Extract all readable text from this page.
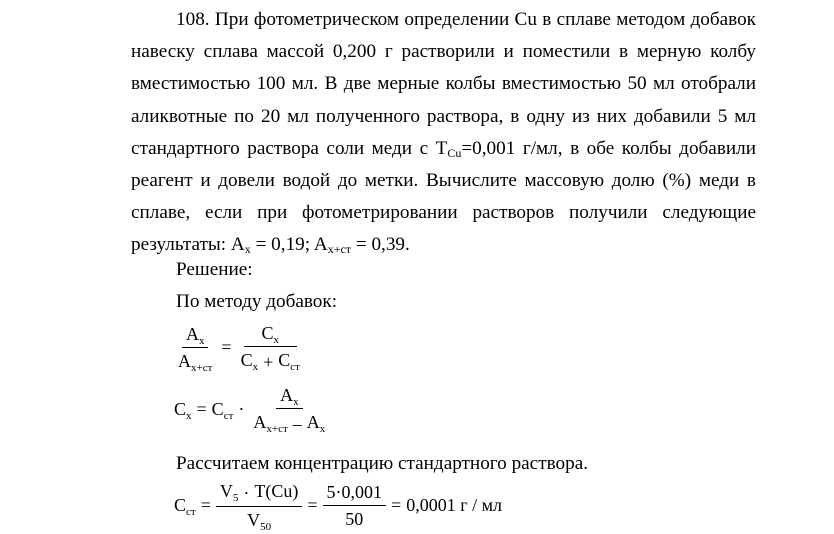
108. При фотометрическом определении Cu в сплаве методом добавок
навеску сплава массой 0,200 г растворили и поместили в мерную колбу
вместимостью 100 мл. В две мерные колбы вместимостью 50 мл отобрали
аликвотные по 20 мл полученного раствора, в одну из них добавили 5 мл
стандартного раствора соли меди с $T_{Cu}=0,001$ г/мл, в обе колбы добавили
реагент и довели водой до метки. Вычислите массовую долю (%) меди в
сплаве, если при фотометрировании растворов получили следующие
результаты: $A_x = 0,19$; $A_{x+ст} = 0,39$.
Решение:
По методу добавок:
$\frac{A_x}{A_{x+ст}} = \frac{C_x}{C_x + C_{ст}}$
$C_x = C_{ст} \cdot \frac{A_x}{A_{x+ст} - A_x}$
Рассчитаем концентрацию стандартного раствора.
$C_{ст} = \frac{V_5 \cdot T(Cu)}{V_{50}} = \frac{5\cdot 0,001}{50} = 0,0001$ г / мл
